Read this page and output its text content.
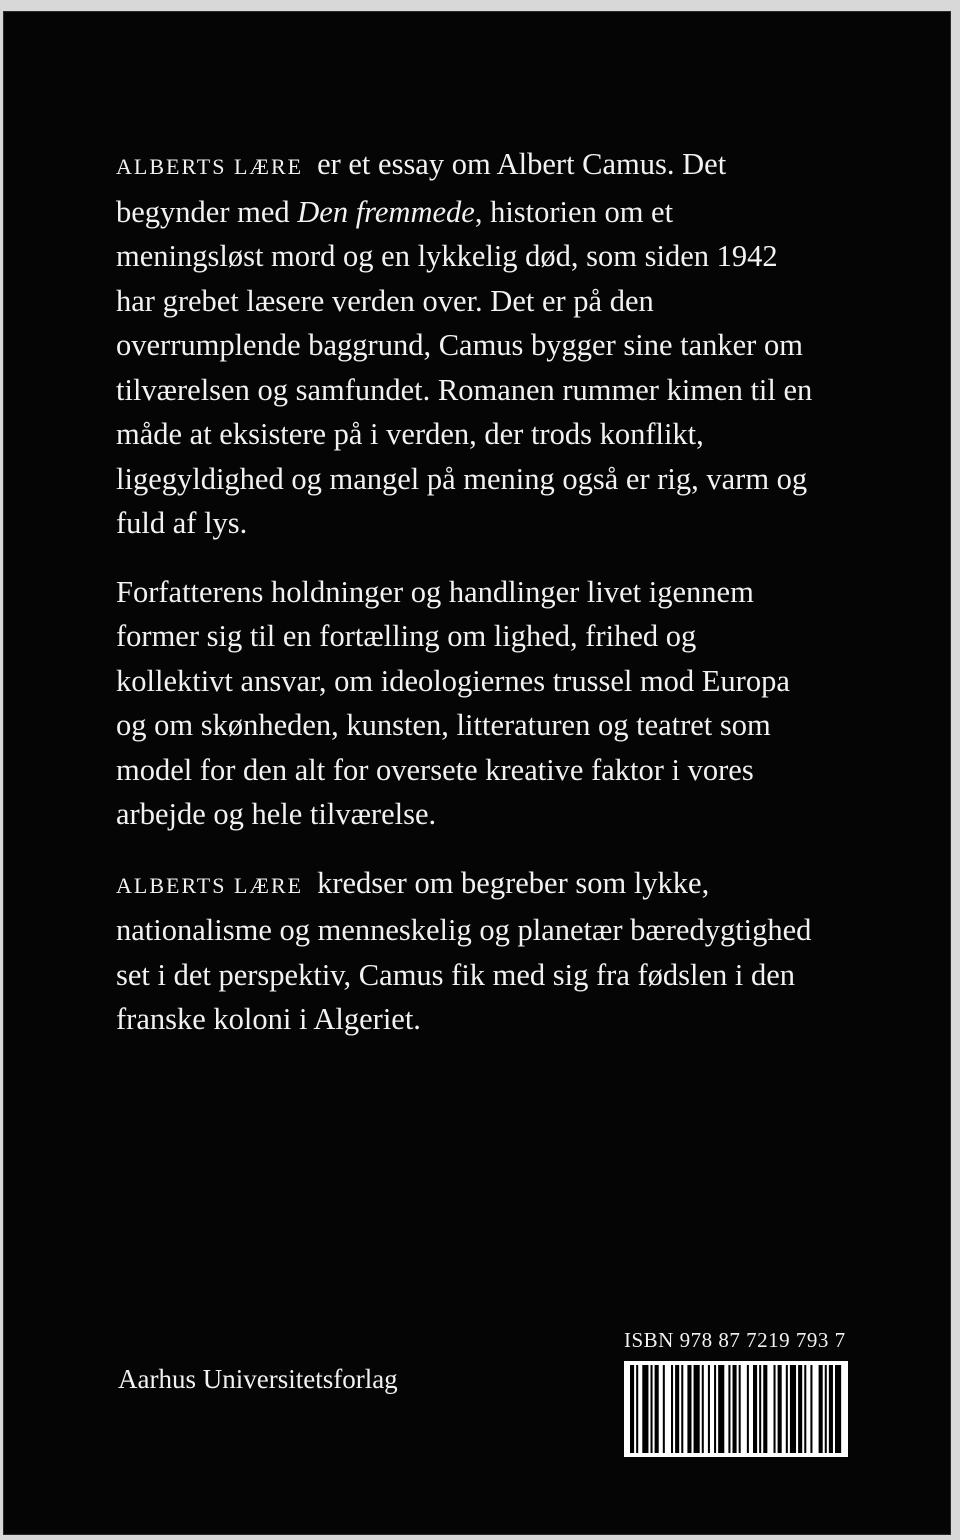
ALBERTS LÆRE er et essay om Albert Camus. Det begynder med Den fremmede, historien om et meningsløst mord og en lykkelig død, som siden 1942 har grebet læsere verden over. Det er på den overrumplende baggrund, Camus bygger sine tanker om tilværelsen og samfundet. Romanen rummer kimen til en måde at eksistere på i verden, der trods konflikt, ligegyldighed og mangel på mening også er rig, varm og fuld af lys.

Forfatterens holdninger og handlinger livet igennem former sig til en fortælling om lighed, frihed og kollektivt ansvar, om ideologiernes trussel mod Europa og om skønheden, kunsten, litteraturen og teatret som model for den alt for oversete kreative faktor i vores arbejde og hele tilværelse.

ALBERTS LÆRE kredser om begreber som lykke, nationalisme og menneskelig og planetær bæredygtighed set i det perspektiv, Camus fik med sig fra fødslen i den franske koloni i Algeriet.

Aarhus Universitetsforlag
ISBN 978 87 7219 793 7
